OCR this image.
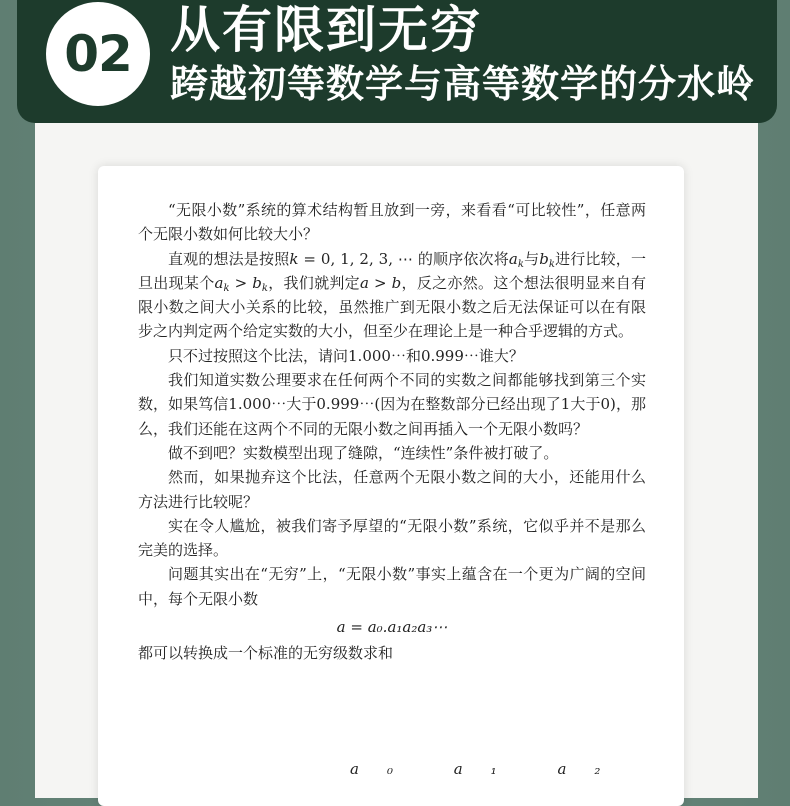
02 从有限到无穷
跨越初等数学与高等数学的分水岭

“无限小数”系统的算术结构暂且放到一旁，来看看“可比较性”，任意两个无限小数如何比较大小？

直观的想法是按照k = 0, 1, 2, 3, ⋯ 的顺序依次将$a_k$与$b_k$进行比较，一旦出现某个$a_k > b_k$，我们就判定a > b，反之亦然。这个想法很明显来自有限小数之间大小关系的比较，虽然推广到无限小数之后无法保证可以在有限步之内判定两个给定实数的大小，但至少在理论上是一种合乎逻辑的方式。

只不过按照这个比法，请问1.000⋯和0.999⋯谁大？

我们知道实数公理要求在任何两个不同的实数之间都能够找到第三个实数，如果笃信1.000⋯大于0.999⋯(因为在整数部分已经出现了1大于0)，那么，我们还能在这两个不同的无限小数之间再插入一个无限小数吗？

做不到吧？实数模型出现了缝隙，“连续性”条件被打破了。

然而，如果抛弃这个比法，任意两个无限小数之间的大小，还能用什么方法进行比较呢？

实在令人尴尬，被我们寄予厚望的“无限小数”系统，它似乎并不是那么完美的选择。

问题其实出在“无穷”上，“无限小数”事实上蕴含在一个更为广阔的空间中，每个无限小数

a = a₀.a₁a₂a₃⋯

都可以转换成一个标准的无穷级数求和

a₀ a₁ a₂
